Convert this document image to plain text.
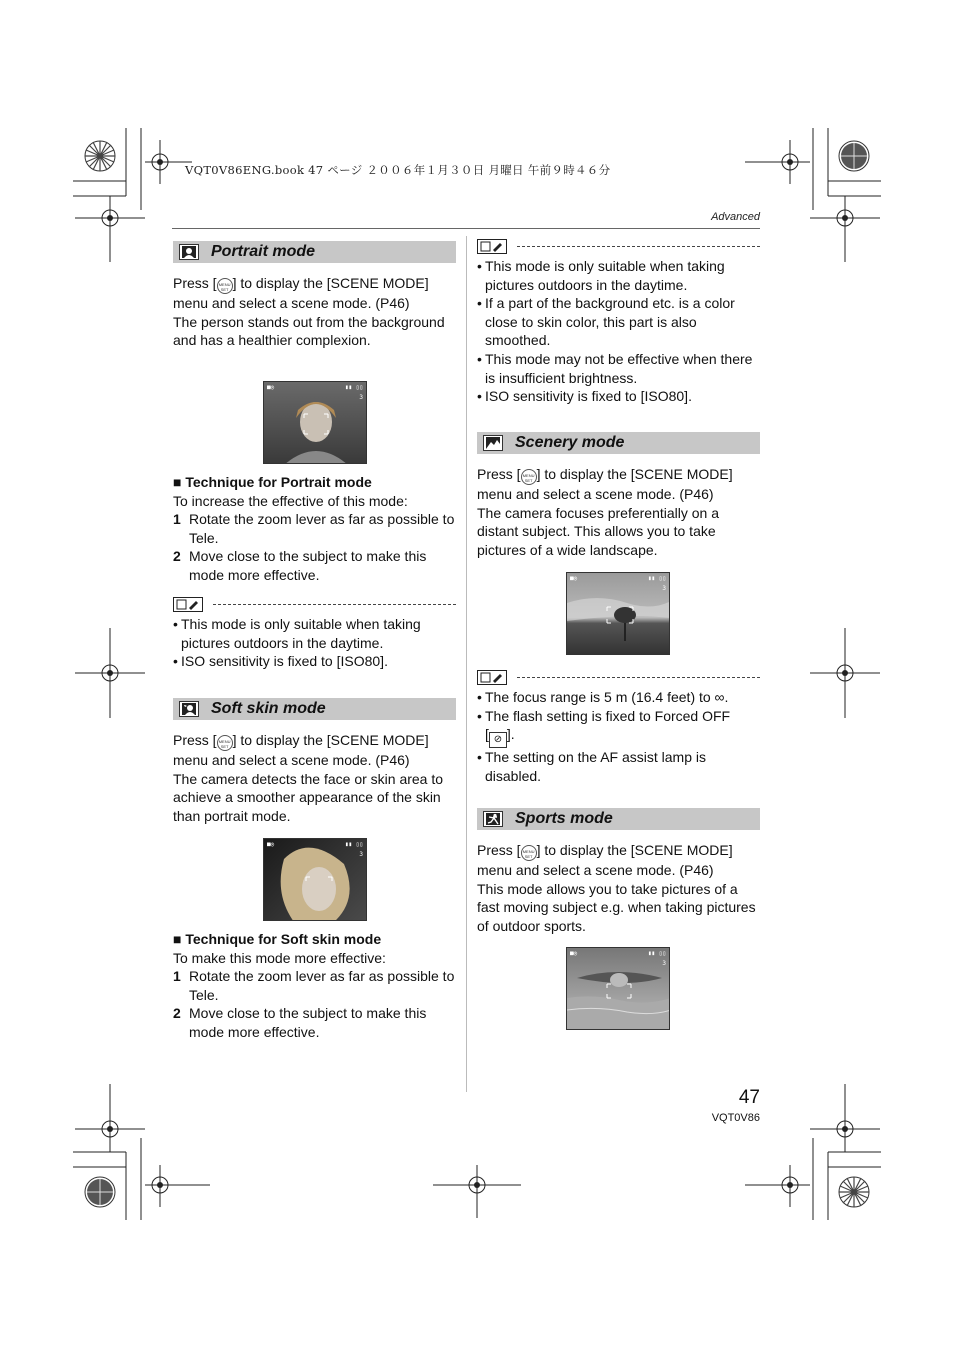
VQT0V86ENG.book 47 ページ ２００６年１月３０日 月曜日 午前９時４６分
Advanced
Portrait mode

Press [ MENU SET ] to display the [SCENE MODE] menu and select a scene mode. (P46)

The person stands out from the background and has a healthier complexion.

■◎	▮▮ ▯▯
3

■ Technique for Portrait mode

To increase the effective of this mode:

1 Rotate the zoom lever as far as possible to Tele.
2 Move close to the subject to make this mode more effective.
• This mode is only suitable when taking pictures outdoors in the daytime.
• ISO sensitivity is fixed to [ISO80].
Soft skin mode

Press [ MENU SET ] to display the [SCENE MODE] menu and select a scene mode. (P46)

The camera detects the face or skin area to achieve a smoother appearance of the skin than portrait mode.

■◎	▮▮ ▯▯
3

■ Technique for Soft skin mode

To make this mode more effective:

1 Rotate the zoom lever as far as possible to Tele.
2 Move close to the subject to make this mode more effective.
• This mode is only suitable when taking pictures outdoors in the daytime.
• If a part of the background etc. is a color close to skin color, this part is also smoothed.
• This mode may not be effective when there is insufficient brightness.
• ISO sensitivity is fixed to [ISO80].
Scenery mode

Press [ MENU SET ] to display the [SCENE MODE] menu and select a scene mode. (P46)

The camera focuses preferentially on a distant subject. This allows you to take pictures of a wide landscape.

■◎	▮▮ ▯▯
3
• The focus range is 5 m (16.4 feet) to ∞.
• The flash setting is fixed to Forced OFF
[ ⊘ ].
• The setting on the AF assist lamp is disabled.
Sports mode

Press [ MENU SET ] to display the [SCENE MODE] menu and select a scene mode. (P46)

This mode allows you to take pictures of a fast moving subject e.g. when taking pictures of outdoor sports.

■◎	▮▮ ▯▯
3
47
VQT0V86
